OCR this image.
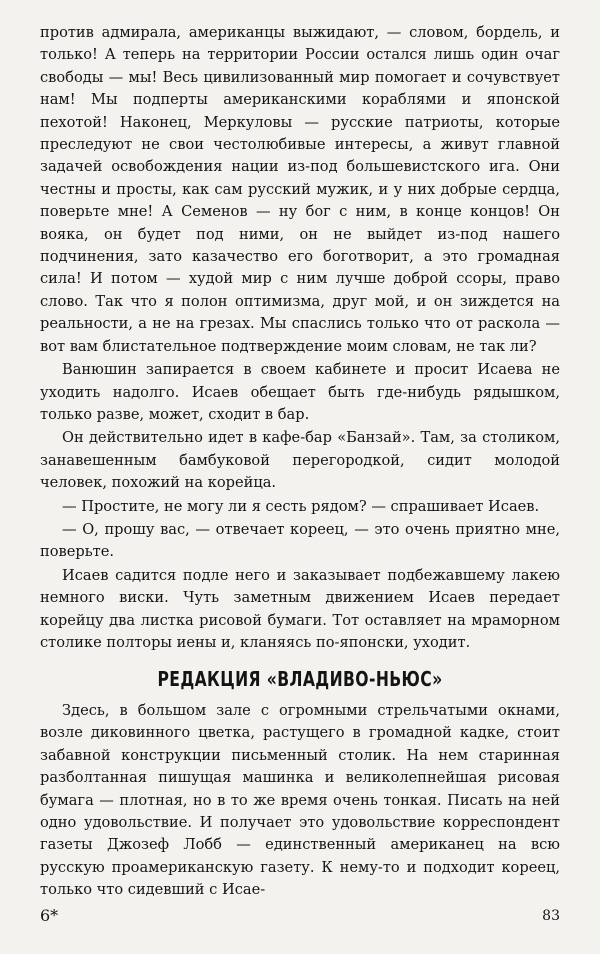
против адмирала, американцы выжидают, — словом, бордель, и только! А теперь на территории России остался лишь один очаг свободы — мы! Весь цивилизованный мир помогает и сочувствует нам! Мы подперты американскими кораблями и японской пехотой! Наконец, Меркуловы — русские патриоты, которые преследуют не свои честолюбивые интересы, а живут главной задачей освобождения нации из-под большевистского ига. Они честны и просты, как сам русский мужик, и у них добрые сердца, поверьте мне! А Семенов — ну бог с ним, в конце концов! Он вояка, он будет под ними, он не выйдет из-под нашего подчинения, зато казачество его боготворит, а это громадная сила! И потом — худой мир с ним лучше доброй ссоры, право слово. Так что я полон оптимизма, друг мой, и он зиждется на реальности, а не на грезах. Мы спаслись только что от раскола — вот вам блистательное подтверждение моим словам, не так ли?

Ванюшин запирается в своем кабинете и просит Исаева не уходить надолго. Исаев обещает быть где-нибудь рядышком, только разве, может, сходит в бар.

Он действительно идет в кафе-бар «Банзай». Там, за столиком, занавешенным бамбуковой перегородкой, сидит молодой человек, похожий на корейца.

— Простите, не могу ли я сесть рядом? — спрашивает Исаев.

— О, прошу вас, — отвечает кореец, — это очень приятно мне, поверьте.

Исаев садится подле него и заказывает подбежавшему лакею немного виски. Чуть заметным движением Исаев передает корейцу два листка рисовой бумаги. Тот оставляет на мраморном столике полторы иены и, кланяясь по-японски, уходит.

РЕДАКЦИЯ «ВЛАДИВО-НЬЮС»

Здесь, в большом зале с огромными стрельчатыми окнами, возле диковинного цветка, растущего в громадной кадке, стоит забавной конструкции письменный столик. На нем старинная разболтанная пишущая машинка и великолепнейшая рисовая бумага — плотная, но в то же время очень тонкая. Писать на ней одно удовольствие. И получает это удовольствие корреспондент газеты Джозеф Лобб — единственный американец на всю русскую проамериканскую газету. К нему-то и подходит кореец, только что сидевший с Исае-

6*	83
